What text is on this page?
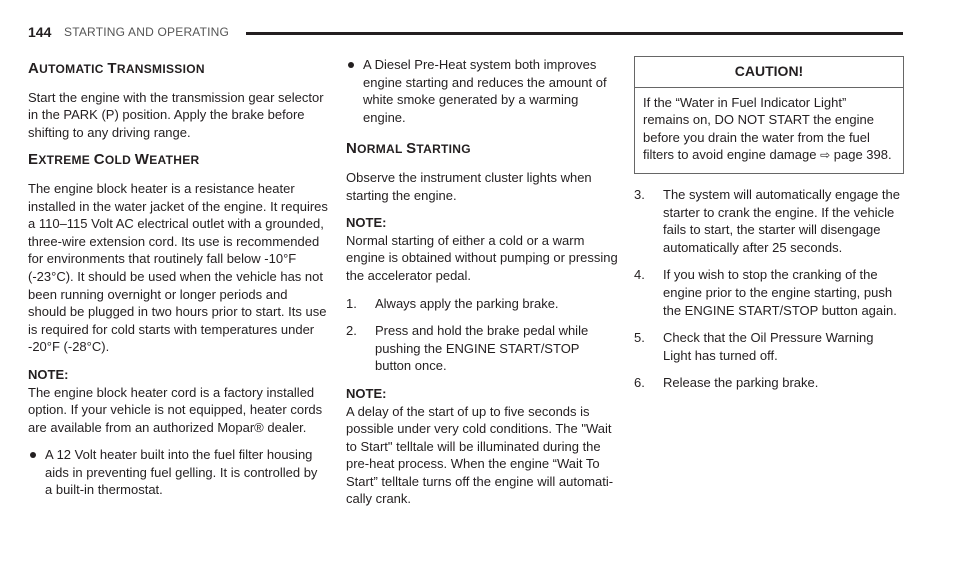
144 STARTING AND OPERATING
AUTOMATIC TRANSMISSION

Start the engine with the transmission gear selector in the PARK (P) position. Apply the brake before shifting to any driving range.

EXTREME COLD WEATHER

The engine block heater is a resistance heater installed in the water jacket of the engine. It requires a 110–115 Volt AC electrical outlet with a grounded, three-wire extension cord. Its use is recommended for environments that routinely fall below -10°F (-23°C). It should be used when the vehicle has not been running overnight or longer periods and should be plugged in two hours prior to start. Its use is required for cold starts with temperatures under -20°F (-28°C).

NOTE:
The engine block heater cord is a factory installed option. If your vehicle is not equipped, heater cords are available from an authorized Mopar® dealer.

A 12 Volt heater built into the fuel filter housing aids in preventing fuel gelling. It is controlled by a built-in thermostat.
A Diesel Pre-Heat system both improves engine starting and reduces the amount of white smoke generated by a warming engine.
NORMAL STARTING

Observe the instrument cluster lights when starting the engine.

NOTE:
Normal starting of either a cold or a warm engine is obtained without pumping or pressing the accelerator pedal.

1. Always apply the parking brake.
2. Press and hold the brake pedal while pushing the ENGINE START/STOP button once.

NOTE:
A delay of the start of up to five seconds is possible under very cold conditions. The "Wait to Start" telltale will be illuminated during the pre-heat process. When the engine “Wait To Start” telltale turns off the engine will automati-cally crank.

CAUTION!
If the “Water in Fuel Indicator Light” remains on, DO NOT START the engine before you drain the water from the fuel filters to avoid engine damage ⇨ page 398.
3. The system will automatically engage the starter to crank the engine. If the vehicle fails to start, the starter will disengage automatically after 25 seconds.
4. If you wish to stop the cranking of the engine prior to the engine starting, push the ENGINE START/STOP button again.
5. Check that the Oil Pressure Warning Light has turned off.
6. Release the parking brake.
